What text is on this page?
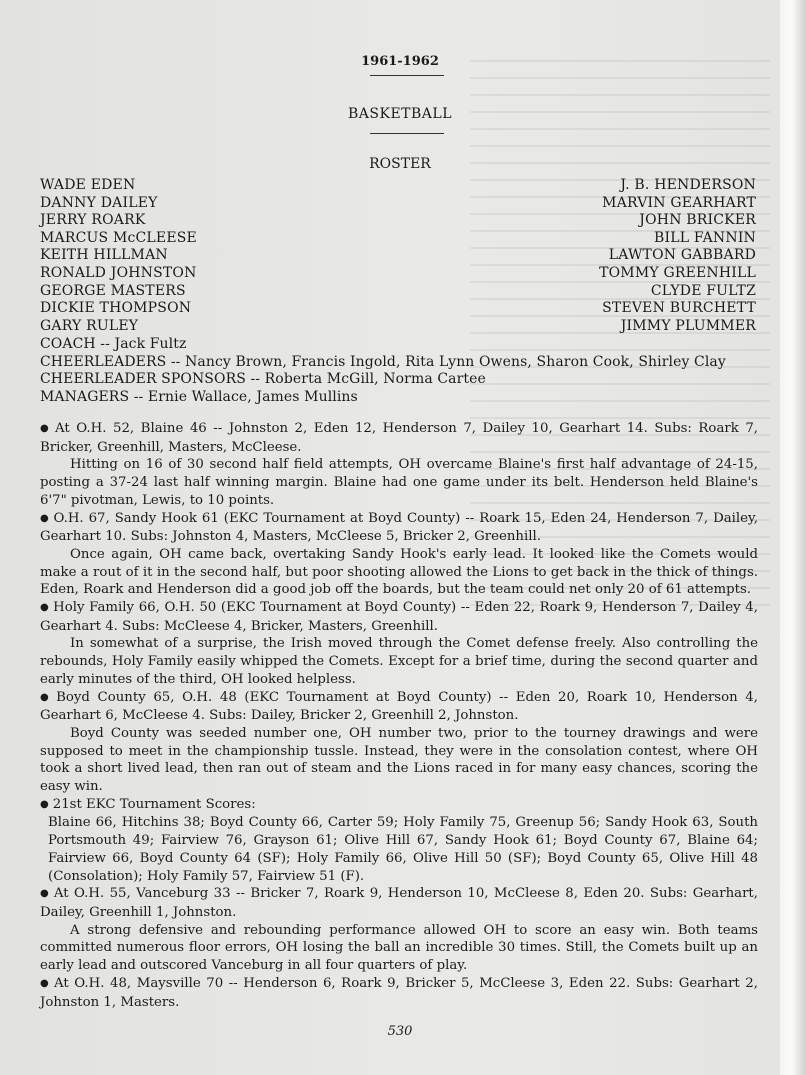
1961-1962
BASKETBALL
ROSTER
WADE EDEN
DANNY DAILEY
JERRY ROARK
MARCUS McCLEESE
KEITH HILLMAN
RONALD JOHNSTON
GEORGE MASTERS
DICKIE THOMPSON
GARY RULEY
J. B. HENDERSON
MARVIN GEARHART
JOHN BRICKER
BILL FANNIN
LAWTON GABBARD
TOMMY GREENHILL
CLYDE FULTZ
STEVEN BURCHETT
JIMMY PLUMMER
COACH -- Jack Fultz
CHEERLEADERS -- Nancy Brown, Francis Ingold, Rita Lynn Owens, Sharon Cook, Shirley Clay
CHEERLEADER SPONSORS -- Roberta McGill, Norma Cartee
MANAGERS -- Ernie Wallace, James Mullins

● At O.H. 52, Blaine 46 -- Johnston 2, Eden 12, Henderson 7, Dailey 10, Gearhart 14. Subs: Roark 7, Bricker, Greenhill, Masters, McCleese.

Hitting on 16 of 30 second half field attempts, OH overcame Blaine's first half advantage of 24-15, posting a 37-24 last half winning margin. Blaine had one game under its belt. Henderson held Blaine's 6'7" pivotman, Lewis, to 10 points.

● O.H. 67, Sandy Hook 61 (EKC Tournament at Boyd County) -- Roark 15, Eden 24, Henderson 7, Dailey, Gearhart 10. Subs: Johnston 4, Masters, McCleese 5, Bricker 2, Greenhill.

Once again, OH came back, overtaking Sandy Hook's early lead. It looked like the Comets would make a rout of it in the second half, but poor shooting allowed the Lions to get back in the thick of things. Eden, Roark and Henderson did a good job off the boards, but the team could net only 20 of 61 attempts.

● Holy Family 66, O.H. 50 (EKC Tournament at Boyd County) -- Eden 22, Roark 9, Henderson 7, Dailey 4, Gearhart 4. Subs: McCleese 4, Bricker, Masters, Greenhill.

In somewhat of a surprise, the Irish moved through the Comet defense freely. Also controlling the rebounds, Holy Family easily whipped the Comets. Except for a brief time, during the second quarter and early minutes of the third, OH looked helpless.

● Boyd County 65, O.H. 48 (EKC Tournament at Boyd County) -- Eden 20, Roark 10, Henderson 4, Gearhart 6, McCleese 4. Subs: Dailey, Bricker 2, Greenhill 2, Johnston.

Boyd County was seeded number one, OH number two, prior to the tourney drawings and were supposed to meet in the championship tussle. Instead, they were in the consolation contest, where OH took a short lived lead, then ran out of steam and the Lions raced in for many easy chances, scoring the easy win.

● 21st EKC Tournament Scores:

Blaine 66, Hitchins 38; Boyd County 66, Carter 59; Holy Family 75, Greenup 56; Sandy Hook 63, South Portsmouth 49; Fairview 76, Grayson 61; Olive Hill 67, Sandy Hook 61; Boyd County 67, Blaine 64; Fairview 66, Boyd County 64 (SF); Holy Family 66, Olive Hill 50 (SF); Boyd County 65, Olive Hill 48 (Consolation); Holy Family 57, Fairview 51 (F).

● At O.H. 55, Vanceburg 33 -- Bricker 7, Roark 9, Henderson 10, McCleese 8, Eden 20. Subs: Gearhart, Dailey, Greenhill 1, Johnston.

A strong defensive and rebounding performance allowed OH to score an easy win. Both teams committed numerous floor errors, OH losing the ball an incredible 30 times. Still, the Comets built up an early lead and outscored Vanceburg in all four quarters of play.

● At O.H. 48, Maysville 70 -- Henderson 6, Roark 9, Bricker 5, McCleese 3, Eden 22. Subs: Gearhart 2, Johnston 1, Masters.

530
